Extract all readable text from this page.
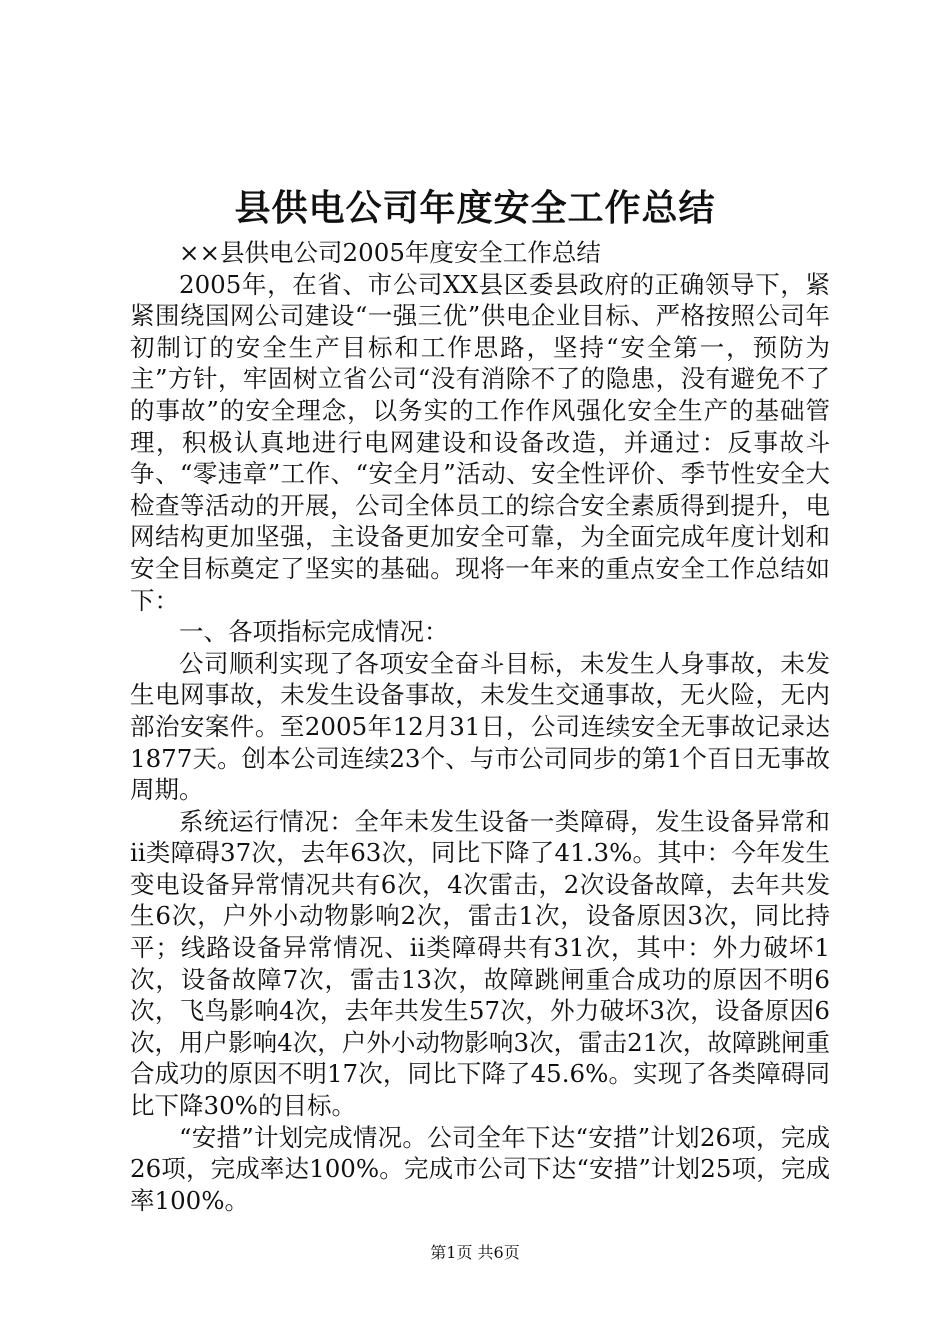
县供电公司年度安全工作总结

××县供电公司2005年度安全工作总结

2005年，在省、市公司XX县区委县政府的正确领导下，紧紧围绕国网公司建设“一强三优”供电企业目标、严格按照公司年初制订的安全生产目标和工作思路，坚持“安全第一，预防为主”方针，牢固树立省公司“没有消除不了的隐患，没有避免不了的事故”的安全理念，以务实的工作作风强化安全生产的基础管理，积极认真地进行电网建设和设备改造，并通过：反事故斗争、“零违章”工作、“安全月”活动、安全性评价、季节性安全大检查等活动的开展，公司全体员工的综合安全素质得到提升，电网结构更加坚强，主设备更加安全可靠，为全面完成年度计划和安全目标奠定了坚实的基础。现将一年来的重点安全工作总结如下：

一、各项指标完成情况：

公司顺利实现了各项安全奋斗目标，未发生人身事故，未发生电网事故，未发生设备事故，未发生交通事故，无火险，无内部治安案件。至2005年12月31日，公司连续安全无事故记录达1877天。创本公司连续23个、与市公司同步的第1个百日无事故周期。

系统运行情况：全年未发生设备一类障碍，发生设备异常和ii类障碍37次，去年63次，同比下降了41.3%。其中：今年发生变电设备异常情况共有6次，4次雷击，2次设备故障，去年共发生6次，户外小动物影响2次，雷击1次，设备原因3次，同比持平；线路设备异常情况、ii类障碍共有31次，其中：外力破坏1次，设备故障7次，雷击13次，故障跳闸重合成功的原因不明6次，飞鸟影响4次，去年共发生57次，外力破坏3次，设备原因6次，用户影响4次，户外小动物影响3次，雷击21次，故障跳闸重合成功的原因不明17次，同比下降了45.6%。实现了各类障碍同比下降30%的目标。

“安措”计划完成情况。公司全年下达“安措”计划26项，完成26项，完成率达100%。完成市公司下达“安措”计划25项，完成率100%。

第1页 共6页
